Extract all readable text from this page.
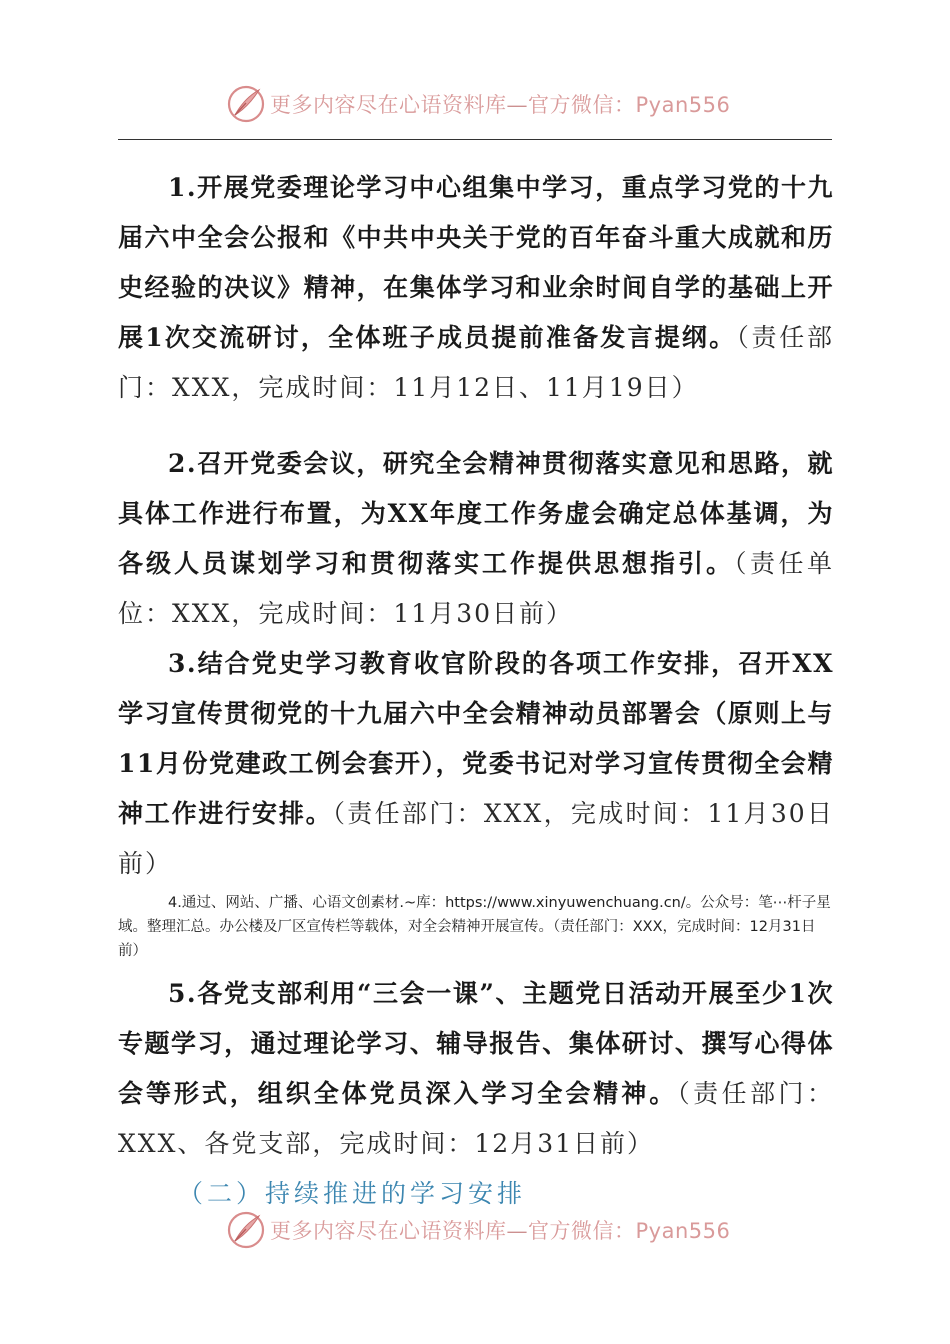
更多内容尽在心语资料库—官方微信：Pyan556

1.开展党委理论学习中心组集中学习，重点学习党的十九届六中全会公报和《中共中央关于党的百年奋斗重大成就和历史经验的决议》精神，在集体学习和业余时间自学的基础上开展1次交流研讨，全体班子成员提前准备发言提纲。（责任部门：XXX，完成时间：11月12日、11月19日）

2.召开党委会议，研究全会精神贯彻落实意见和思路，就具体工作进行布置，为XX年度工作务虚会确定总体基调，为各级人员谋划学习和贯彻落实工作提供思想指引。（责任单位：XXX，完成时间：11月30日前）

3.结合党史学习教育收官阶段的各项工作安排，召开XX学习宣传贯彻党的十九届六中全会精神动员部署会（原则上与11月份党建政工例会套开），党委书记对学习宣传贯彻全会精神工作进行安排。（责任部门：XXX，完成时间：11月30日前）

4.通过、网站、广播、心语文创素材.~库：https://www.xinyuwenchuang.cn/。公众号：笔⋯杆子星域。整理汇总。办公楼及厂区宣传栏等载体，对全会精神开展宣传。（责任部门：XXX，完成时间：12月31日前）

5.各党支部利用“三会一课”、主题党日活动开展至少1次专题学习，通过理论学习、辅导报告、集体研讨、撰写心得体会等形式，组织全体党员深入学习全会精神。（责任部门：XXX、各党支部，完成时间：12月31日前）

（二）持续推进的学习安排

更多内容尽在心语资料库—官方微信：Pyan556
